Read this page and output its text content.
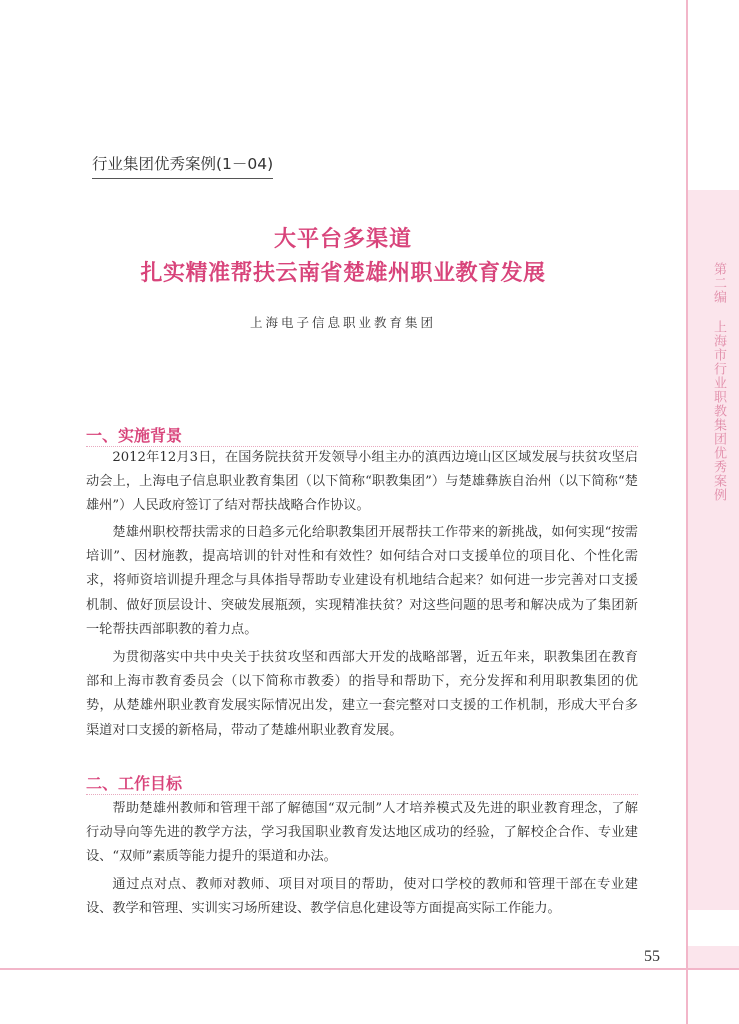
第二编 上海市行业职教集团优秀案例
55
行业集团优秀案例(1－04)
大平台多渠道
扎实精准帮扶云南省楚雄州职业教育发展
上海电子信息职业教育集团
一、实施背景

2012年12月3日，在国务院扶贫开发领导小组主办的滇西边境山区区域发展与扶贫攻坚启动会上，上海电子信息职业教育集团（以下简称“职教集团”）与楚雄彝族自治州（以下简称“楚雄州”）人民政府签订了结对帮扶战略合作协议。

楚雄州职校帮扶需求的日趋多元化给职教集团开展帮扶工作带来的新挑战，如何实现“按需培训”、因材施教，提高培训的针对性和有效性？如何结合对口支援单位的项目化、个性化需求，将师资培训提升理念与具体指导帮助专业建设有机地结合起来？如何进一步完善对口支援机制、做好顶层设计、突破发展瓶颈，实现精准扶贫？对这些问题的思考和解决成为了集团新一轮帮扶西部职教的着力点。

为贯彻落实中共中央关于扶贫攻坚和西部大开发的战略部署，近五年来，职教集团在教育部和上海市教育委员会（以下简称市教委）的指导和帮助下，充分发挥和利用职教集团的优势，从楚雄州职业教育发展实际情况出发，建立一套完整对口支援的工作机制，形成大平台多渠道对口支援的新格局，带动了楚雄州职业教育发展。

二、工作目标

帮助楚雄州教师和管理干部了解德国“双元制”人才培养模式及先进的职业教育理念，了解行动导向等先进的教学方法，学习我国职业教育发达地区成功的经验，了解校企合作、专业建设、“双师”素质等能力提升的渠道和办法。

通过点对点、教师对教师、项目对项目的帮助，使对口学校的教师和管理干部在专业建设、教学和管理、实训实习场所建设、教学信息化建设等方面提高实际工作能力。
